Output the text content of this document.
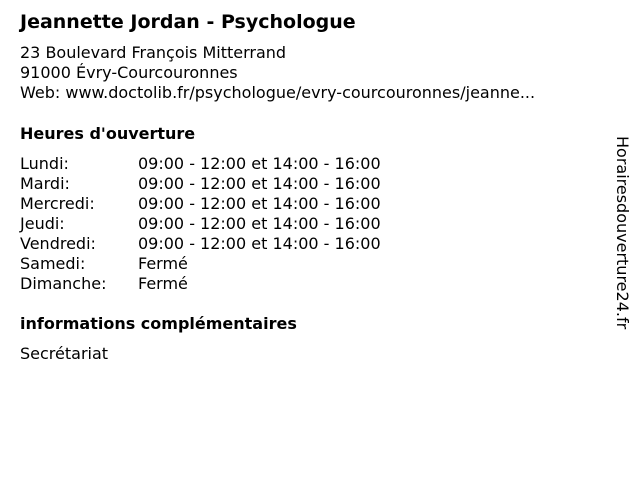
Jeannette Jordan - Psychologue
23 Boulevard François Mitterrand
91000 Évry-Courcouronnes
Web: www.doctolib.fr/psychologue/evry-courcouronnes/jeanne...
Heures d'ouverture
Lundi:	09:00 - 12:00 et 14:00 - 16:00
Mardi:	09:00 - 12:00 et 14:00 - 16:00
Mercredi:	09:00 - 12:00 et 14:00 - 16:00
Jeudi:	09:00 - 12:00 et 14:00 - 16:00
Vendredi:	09:00 - 12:00 et 14:00 - 16:00
Samedi:	Fermé
Dimanche:	Fermé
informations complémentaires
Secrétariat
Horairesdouverture24.fr
